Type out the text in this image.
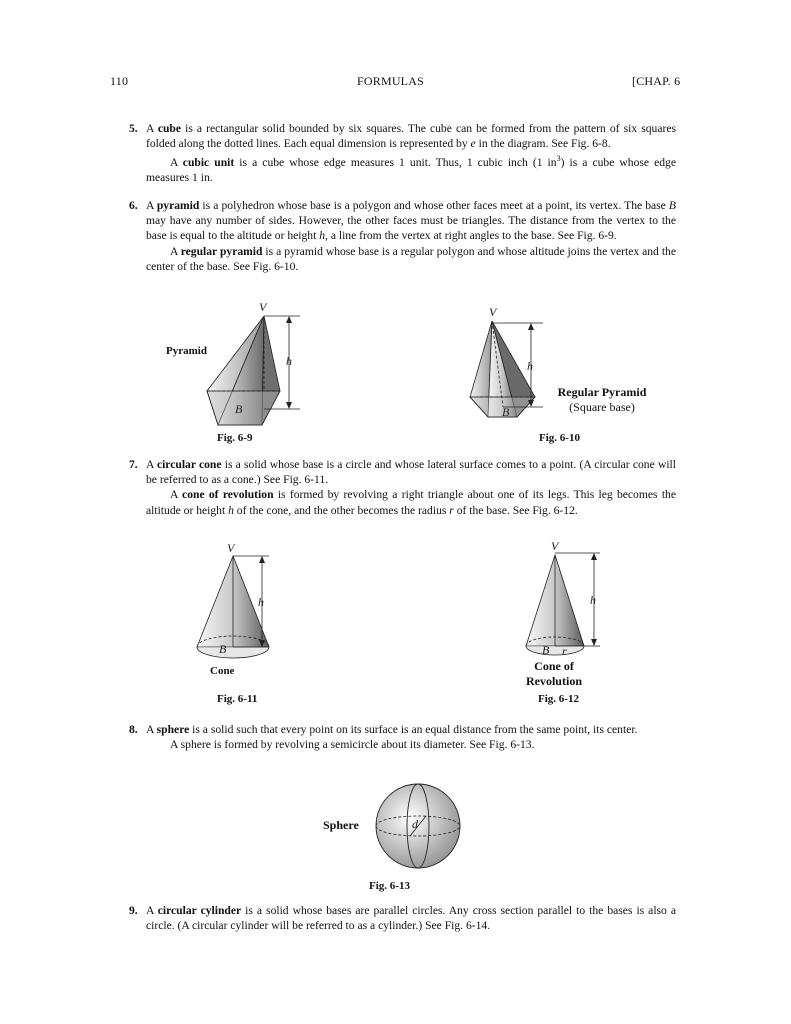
110	FORMULAS	[CHAP. 6
5. A cube is a rectangular solid bounded by six squares. The cube can be formed from the pattern of six squares folded along the dotted lines. Each equal dimension is represented by e in the diagram. See Fig. 6-8.

A cubic unit is a cube whose edge measures 1 unit. Thus, 1 cubic inch (1 $in^3$) is a cube whose edge measures 1 in.

6. A pyramid is a polyhedron whose base is a polygon and whose other faces meet at a point, its vertex. The base B may have any number of sides. However, the other faces must be triangles. The distance from the vertex to the base is equal to the altitude or height h, a line from the vertex at right angles to the base. See Fig. 6-9.

A regular pyramid is a pyramid whose base is a regular polygon and whose altitude joins the vertex and the center of the base. See Fig. 6-10.

Pyramid
V
h
B
Fig. 6-9
V
h
B
Regular Pyramid
(Square base)
Fig. 6-10
7. A circular cone is a solid whose base is a circle and whose lateral surface comes to a point. (A circular cone will be referred to as a cone.) See Fig. 6-11.

A cone of revolution is formed by revolving a right triangle about one of its legs. This leg becomes the altitude or height h of the cone, and the other becomes the radius r of the base. See Fig. 6-12.

V
h
B
Cone
Fig. 6-11
V
h
B r
Cone of
Revolution
Fig. 6-12
8. A sphere is a solid such that every point on its surface is an equal distance from the same point, its center.

A sphere is formed by revolving a semicircle about its diameter. See Fig. 6-13.

Sphere	d
Fig. 6-13
9. A circular cylinder is a solid whose bases are parallel circles. Any cross section parallel to the bases is also a circle. (A circular cylinder will be referred to as a cylinder.) See Fig. 6-14.
